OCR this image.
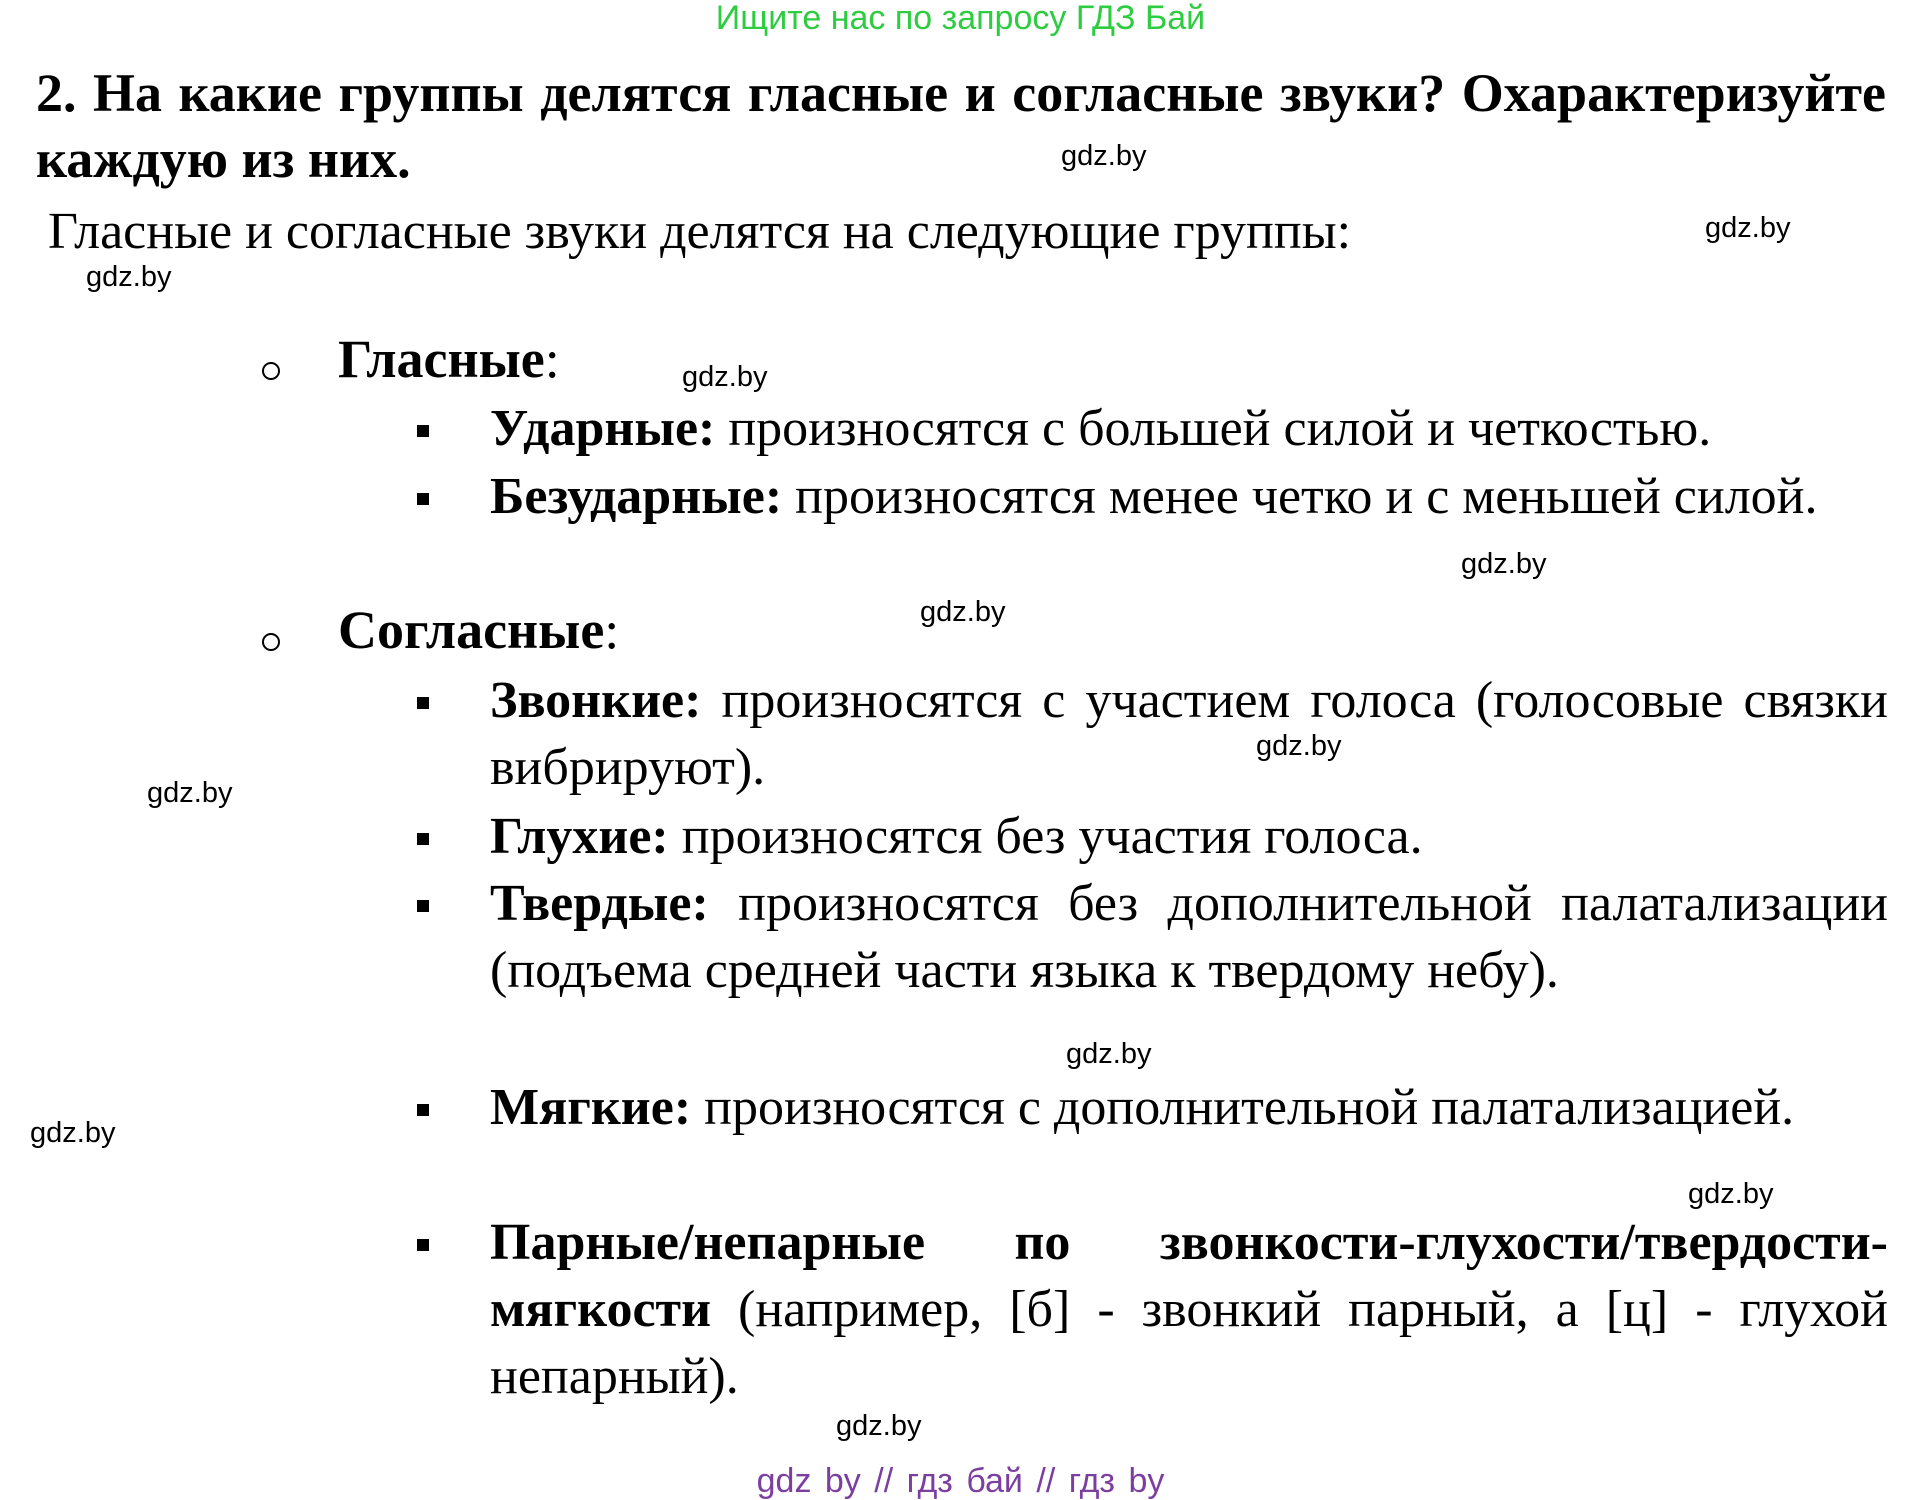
Ищите нас по запросу ГДЗ Бай
2. На какие группы делятся гласные и согласные звуки? Охарактеризуйте каждую из них.
Гласные и согласные звуки делятся на следующие группы:
Гласные:
Ударные: произносятся с большей силой и четкостью.
Безударные: произносятся менее четко и с меньшей силой.
Согласные:
Звонкие: произносятся с участием голоса (голосовые связки вибрируют).
Глухие: произносятся без участия голоса.
Твердые: произносятся без дополнительной палатализации (подъема средней части языка к твердому небу).
Мягкие: произносятся с дополнительной палатализацией.
Парные/непарные по звонкости-глухости/твердости-мягкости (например, [б] - звонкий парный, а [ц] - глухой непарный).
gdz.by
gdz.by
gdz.by
gdz.by
gdz.by
gdz.by
gdz.by
gdz.by
gdz.by
gdz.by
gdz.by
gdz.by
gdz by // гдз бай // гдз by
